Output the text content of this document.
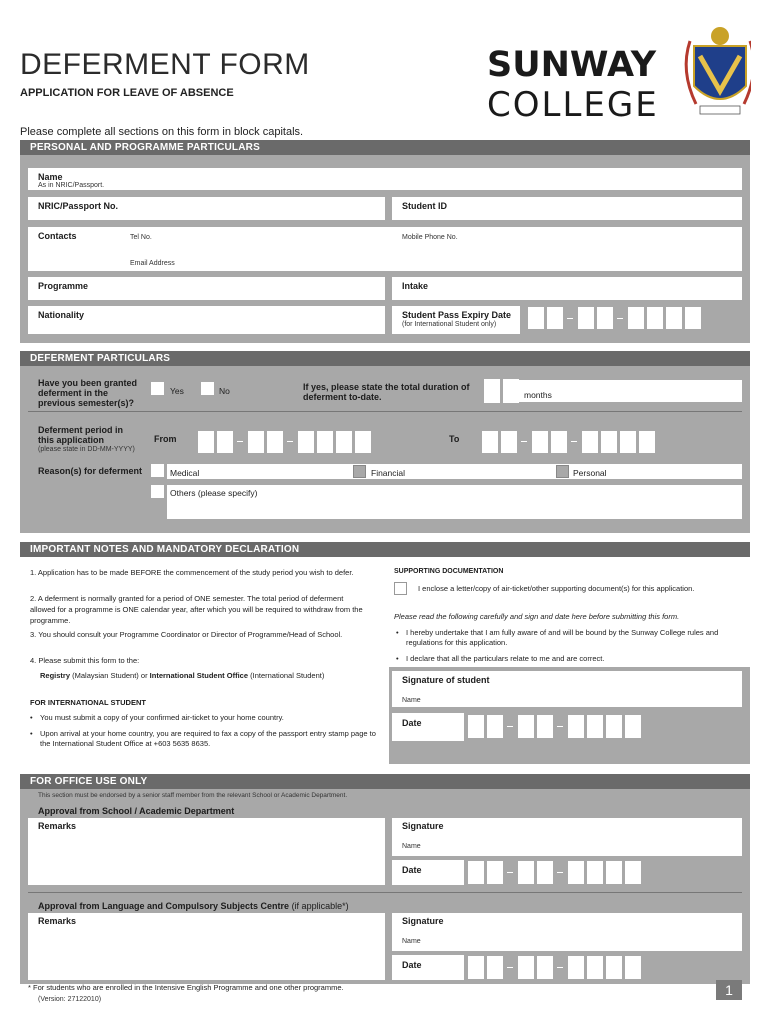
DEFERMENT FORM
APPLICATION FOR LEAVE OF ABSENCE
Please complete all sections on this form in block capitals.
SUNWAY
COLLEGE
PERSONAL AND PROGRAMME PARTICULARS
Name
As in NRIC/Passport.
NRIC/Passport No.	Student ID
Contacts	Tel No.	Mobile Phone No.
Email Address
Programme	Intake
Nationality	Student Pass Expiry Date
(for International Student only)
DEFERMENT PARTICULARS
Have you been granted deferment in the previous semester(s)?
Yes	No	If yes, please state the total duration of deferment to-date.	months
Deferment period in this application
(please state in DD-MM-YYYY)
From	To
Reason(s) for deferment	Medical	Financial	Personal
Others (please specify)
IMPORTANT NOTES AND MANDATORY DECLARATION
1. Application has to be made BEFORE the commencement of the study period you wish to defer.
2. A deferment is normally granted for a period of ONE semester. The total period of deferment allowed for a programme is ONE calendar year, after which you will be required to withdraw from the programme.
3. You should consult your Programme Coordinator or Director of Programme/Head of School.
4. Please submit this form to the:
Registry (Malaysian Student) or International Student Office (International Student)
FOR INTERNATIONAL STUDENT
• You must submit a copy of your confirmed air-ticket to your home country.
• Upon arrival at your home country, you are required to fax a copy of the passport entry stamp page to the International Student Office at +603 5635 8635.
SUPPORTING DOCUMENTATION
I enclose a letter/copy of air-ticket/other supporting document(s) for this application.
Please read the following carefully and sign and date here before submitting this form.
• I hereby undertake that I am fully aware of and will be bound by the Sunway College rules and regulations for this application.
• I declare that all the particulars relate to me and are correct.
Signature of student
Name
Date
FOR OFFICE USE ONLY
This section must be endorsed by a senior staff member from the relevant School or Academic Department.
Approval from School / Academic Department
Remarks	Signature
Name
Date
Approval from Language and Compulsory Subjects Centre (if applicable*)
Remarks	Signature
Name
Date
* For students who are enrolled in the Intensive English Programme and one other programme.
(Version: 27122010)
1
